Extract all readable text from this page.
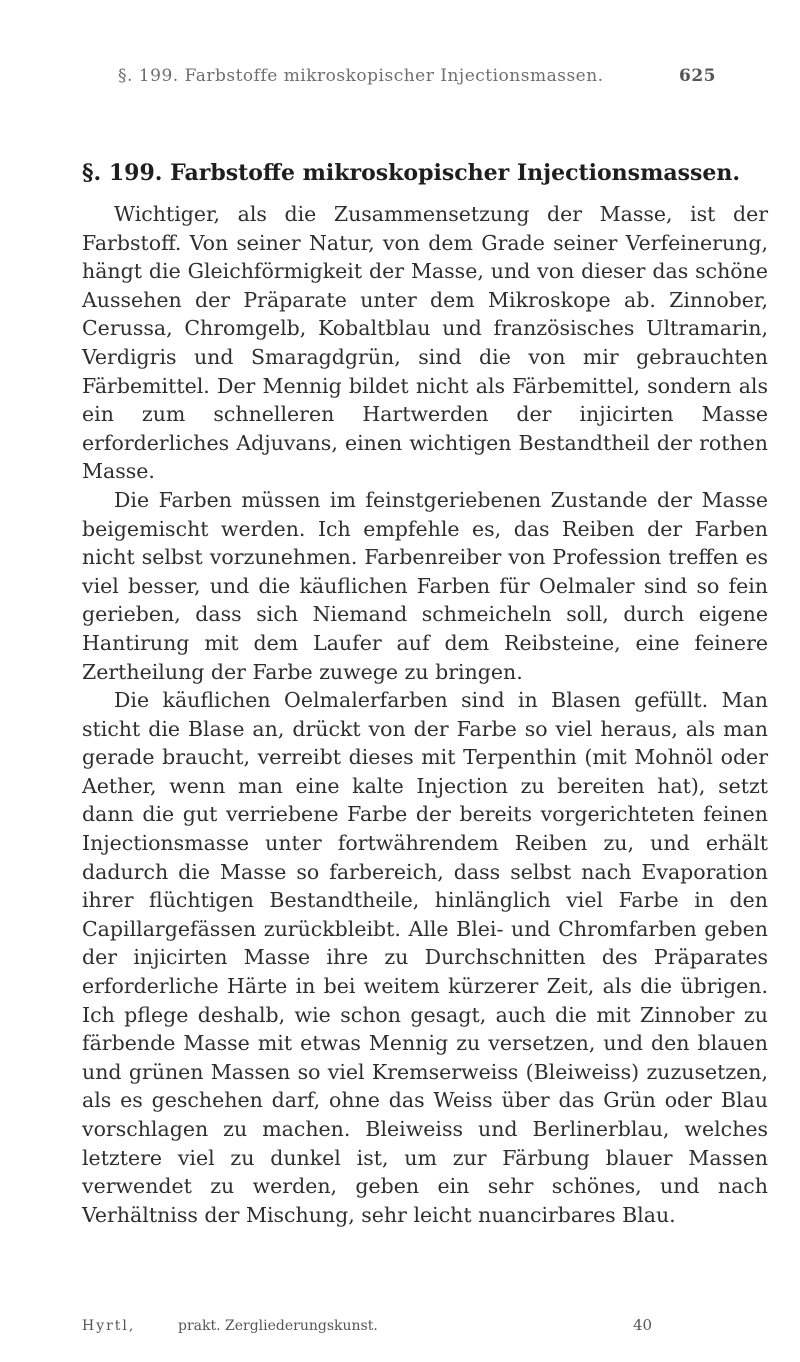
§. 199. Farbstoffe mikroskopischer Injectionsmassen.	625
§. 199. Farbstoffe mikroskopischer Injectionsmassen.

Wichtiger, als die Zusammensetzung der Masse, ist der Farbstoff. Von seiner Natur, von dem Grade seiner Verfeinerung, hängt die Gleichförmigkeit der Masse, und von dieser das schöne Aussehen der Präparate unter dem Mikroskope ab. Zinnober, Cerussa, Chromgelb, Kobaltblau und französisches Ultramarin, Verdigris und Smaragdgrün, sind die von mir gebrauchten Färbemittel. Der Mennig bildet nicht als Färbemittel, sondern als ein zum schnelleren Hartwerden der injicirten Masse erforderliches Adjuvans, einen wichtigen Bestandtheil der rothen Masse.

Die Farben müssen im feinstgeriebenen Zustande der Masse beigemischt werden. Ich empfehle es, das Reiben der Farben nicht selbst vorzunehmen. Farbenreiber von Profession treffen es viel besser, und die käuflichen Farben für Oelmaler sind so fein gerieben, dass sich Niemand schmeicheln soll, durch eigene Hantirung mit dem Laufer auf dem Reibsteine, eine feinere Zertheilung der Farbe zuwege zu bringen.

Die käuflichen Oelmalerfarben sind in Blasen gefüllt. Man sticht die Blase an, drückt von der Farbe so viel heraus, als man gerade braucht, verreibt dieses mit Terpenthin (mit Mohnöl oder Aether, wenn man eine kalte Injection zu bereiten hat), setzt dann die gut verriebene Farbe der bereits vorgerichteten feinen Injectionsmasse unter fortwährendem Reiben zu, und erhält dadurch die Masse so farbereich, dass selbst nach Evaporation ihrer flüchtigen Bestandtheile, hinlänglich viel Farbe in den Capillargefässen zurückbleibt. Alle Blei- und Chromfarben geben der injicirten Masse ihre zu Durchschnitten des Präparates erforderliche Härte in bei weitem kürzerer Zeit, als die übrigen. Ich pflege deshalb, wie schon gesagt, auch die mit Zinnober zu färbende Masse mit etwas Mennig zu versetzen, und den blauen und grünen Massen so viel Kremserweiss (Bleiweiss) zuzusetzen, als es geschehen darf, ohne das Weiss über das Grün oder Blau vorschlagen zu machen. Bleiweiss und Berlinerblau, welches letztere viel zu dunkel ist, um zur Färbung blauer Massen verwendet zu werden, geben ein sehr schönes, und nach Verhältniss der Mischung, sehr leicht nuancirbares Blau.

Hyrtl,	prakt. Zergliederungskunst.	40
